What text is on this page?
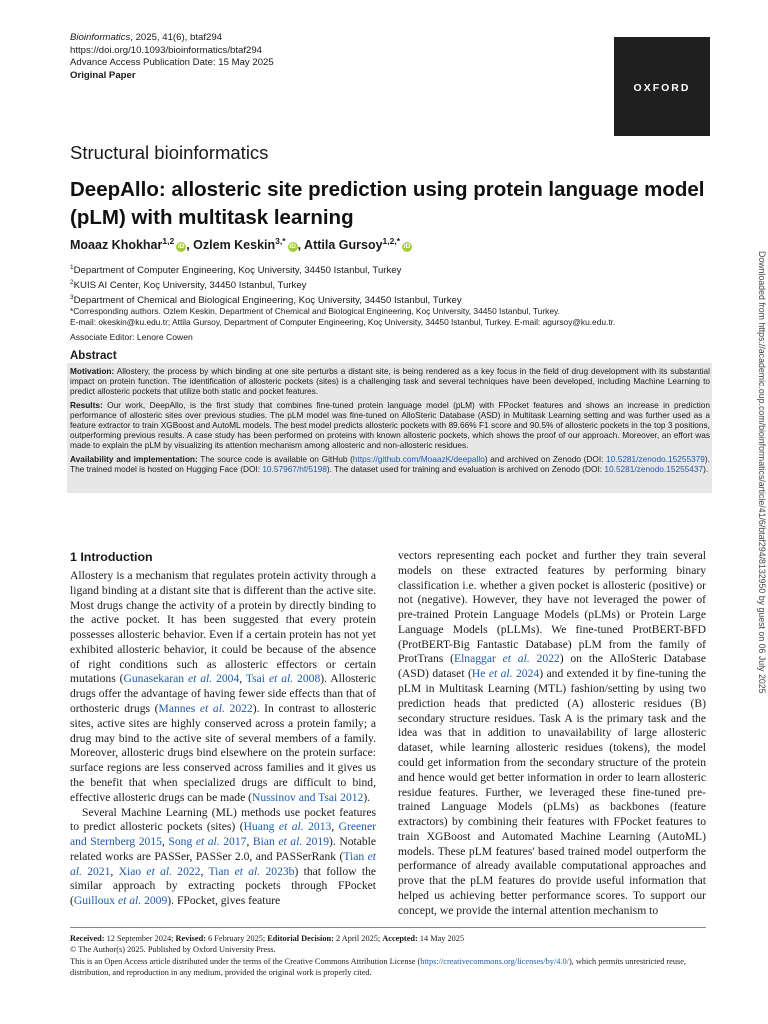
Bioinformatics, 2025, 41(6), btaf294
https://doi.org/10.1093/bioinformatics/btaf294
Advance Access Publication Date: 15 May 2025
Original Paper
OXFORD
Structural bioinformatics
DeepAllo: allosteric site prediction using protein language model (pLM) with multitask learning
Moaaz Khokhar$^{1,2}$iD , Ozlem Keskin$^{3,*}$iD , Attila Gursoy$^{1,2,*}$iD
$^1$Department of Computer Engineering, Koç University, 34450 Istanbul, Turkey
$^2$KUIS AI Center, Koç University, 34450 Istanbul, Turkey
$^3$Department of Chemical and Biological Engineering, Koç University, 34450 Istanbul, Turkey
*Corresponding authors. Ozlem Keskin, Department of Chemical and Biological Engineering, Koç University, 34450 Istanbul, Turkey.
E-mail: okeskin@ku.edu.tr; Attila Gursoy, Department of Computer Engineering, Koç University, 34450 Istanbul, Turkey. E-mail: agursoy@ku.edu.tr.
Associate Editor: Lenore Cowen
Abstract

Motivation: Allostery, the process by which binding at one site perturbs a distant site, is being rendered as a key focus in the field of drug development with its substantial impact on protein function. The identification of allosteric pockets (sites) is a challenging task and several techniques have been developed, including Machine Learning to predict allosteric pockets that utilize both static and pocket features.

Results: Our work, DeepAllo, is the first study that combines fine-tuned protein language model (pLM) with FPocket features and shows an increase in prediction performance of allosteric sites over previous studies. The pLM model was fine-tuned on AlloSteric Database (ASD) in Multitask Learning setting and was further used as a feature extractor to train XGBoost and AutoML models. The best model predicts allosteric pockets with 89.66% F1 score and 90.5% of allosteric pockets in the top 3 positions, outperforming previous results. A case study has been performed on proteins with known allosteric pockets, which shows the proof of our approach. Moreover, an effort was made to explain the pLM by visualizing its attention mechanism among allosteric and non-allosteric residues.

Availability and implementation: The source code is available on GitHub (https://github.com/MoaazK/deepallo) and archived on Zenodo (DOI: 10.5281/zenodo.15255379). The trained model is hosted on Hugging Face (DOI: 10.57967/hf/5198). The dataset used for training and evaluation is archived on Zenodo (DOI: 10.5281/zenodo.15255437).	Downloaded from https://academic.oup.com/bioinformatics/article/41/6/btaf294/8132950 by guest on 06 July 2025
1 Introduction

Allostery is a mechanism that regulates protein activity through a ligand binding at a distant site that is different than the active site. Most drugs change the activity of a protein by directly binding to the active pocket. It has been suggested that every protein possesses allosteric behavior. Even if a certain protein has not yet exhibited allosteric behavior, it could be because of the absence of right conditions such as allosteric effectors or certain mutations (Gunasekaran et al. 2004, Tsai et al. 2008). Allosteric drugs offer the advantage of having fewer side effects than that of orthosteric drugs (Mannes et al. 2022). In contrast to allosteric sites, active sites are highly conserved across a protein family; a drug may bind to the active site of several members of a family. Moreover, allosteric drugs bind elsewhere on the protein surface: surface regions are less conserved across families and it gives us the benefit that when specialized drugs are difficult to bind, effective allosteric drugs can be made (Nussinov and Tsai 2012).

Several Machine Learning (ML) methods use pocket features to predict allosteric pockets (sites) (Huang et al. 2013, Greener and Sternberg 2015, Song et al. 2017, Bian et al. 2019). Notable related works are PASSer, PASSer 2.0, and PASSerRank (Tian et al. 2021, Xiao et al. 2022, Tian et al. 2023b) that follow the similar approach by extracting pockets through FPocket (Guilloux et al. 2009). FPocket, gives feature

vectors representing each pocket and further they train several models on these extracted features by performing binary classification i.e. whether a given pocket is allosteric (positive) or not (negative). However, they have not leveraged the power of pre-trained Protein Language Models (pLMs) or Protein Large Language Models (pLLMs). We fine-tuned ProtBERT-BFD (ProtBERT-Big Fantastic Database) pLM from the family of ProtTrans (Elnaggar et al. 2022) on the AlloSteric Database (ASD) dataset (He et al. 2024) and extended it by fine-tuning the pLM in Multitask Learning (MTL) fashion/setting by using two prediction heads that predicted (A) allosteric residues (B) secondary structure residues. Task A is the primary task and the idea was that in addition to unavailability of large allosteric dataset, while learning allosteric residues (tokens), the model could get information from the secondary structure of the protein and hence would get better information in order to learn allosteric residue features. Further, we leveraged these fine-tuned pre-trained Language Models (pLMs) as backbones (feature extractors) by combining their features with FPocket features to train XGBoost and Automated Machine Learning (AutoML) models. These pLM features' based trained model outperform the performance of already available computational approaches and prove that the pLM features do provide useful information that helped us achieving better performance scores. To support our concept, we provide the internal attention mechanism to

Received: 12 September 2024; Revised: 6 February 2025; Editorial Decision: 2 April 2025; Accepted: 14 May 2025
© The Author(s) 2025. Published by Oxford University Press.
This is an Open Access article distributed under the terms of the Creative Commons Attribution License (https://creativecommons.org/licenses/by/4.0/), which permits unrestricted reuse, distribution, and reproduction in any medium, provided the original work is properly cited.
